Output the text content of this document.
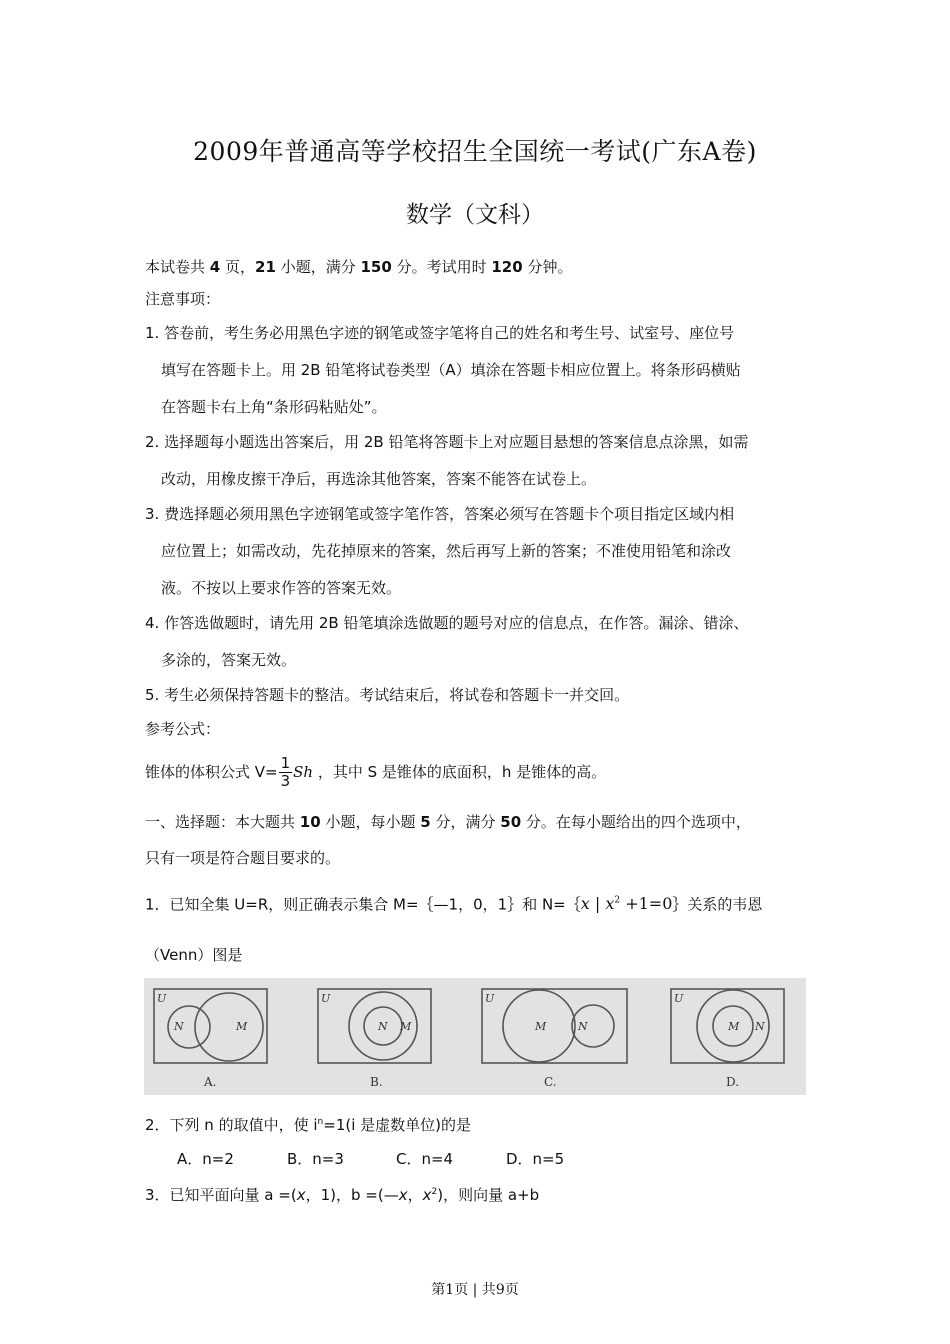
2009年普通高等学校招生全国统一考试(广东A卷)
数学（文科）
本试卷共 4 页，21 小题，满分 150 分。考试用时 120 分钟。
注意事项：
1. 答卷前，考生务必用黑色字迹的钢笔或签字笔将自己的姓名和考生号、试室号、座位号
填写在答题卡上。用 2B 铅笔将试卷类型（A）填涂在答题卡相应位置上。将条形码横贴
在答题卡右上角“条形码粘贴处”。
2. 选择题每小题选出答案后，用 2B 铅笔将答题卡上对应题目悬想的答案信息点涂黑，如需
改动，用橡皮擦干净后，再选涂其他答案，答案不能答在试卷上。
3. 费选择题必须用黑色字迹钢笔或签字笔作答，答案必须写在答题卡个项目指定区域内相
应位置上；如需改动，先花掉原来的答案，然后再写上新的答案；不准使用铅笔和涂改
液。不按以上要求作答的答案无效。
4. 作答选做题时，请先用 2B 铅笔填涂选做题的题号对应的信息点，在作答。漏涂、错涂、
多涂的，答案无效。
5. 考生必须保持答题卡的整洁。考试结束后，将试卷和答题卡一并交回。
参考公式：
锥体的体积公式 $V= \frac{1}{3}$ Sh ，其中 S 是锥体的底面积，h 是锥体的高。
一、选择题：本大题共 10 小题，每小题 5 分，满分 50 分。在每小题给出的四个选项中，
只有一项是符合题目要求的。
1．已知全集 U=R，则正确表示集合 M=｛—1，0，1｝和 N=｛x | $x^2$ +1=0｝关系的韦恩
（Venn）图是
U
N	M
U
N M
U
M	N
U
M N
A.	B.	C.	D.
2．下列 n 的取值中，使 $i^n=1(i$ 是虚数单位)的是
A．n=2	B．n=3	C．n=4	D．n=5
3．已知平面向量 a =(x，1)，b =(—x，$x^2$)，则向量 a+b
第1页 | 共9页
